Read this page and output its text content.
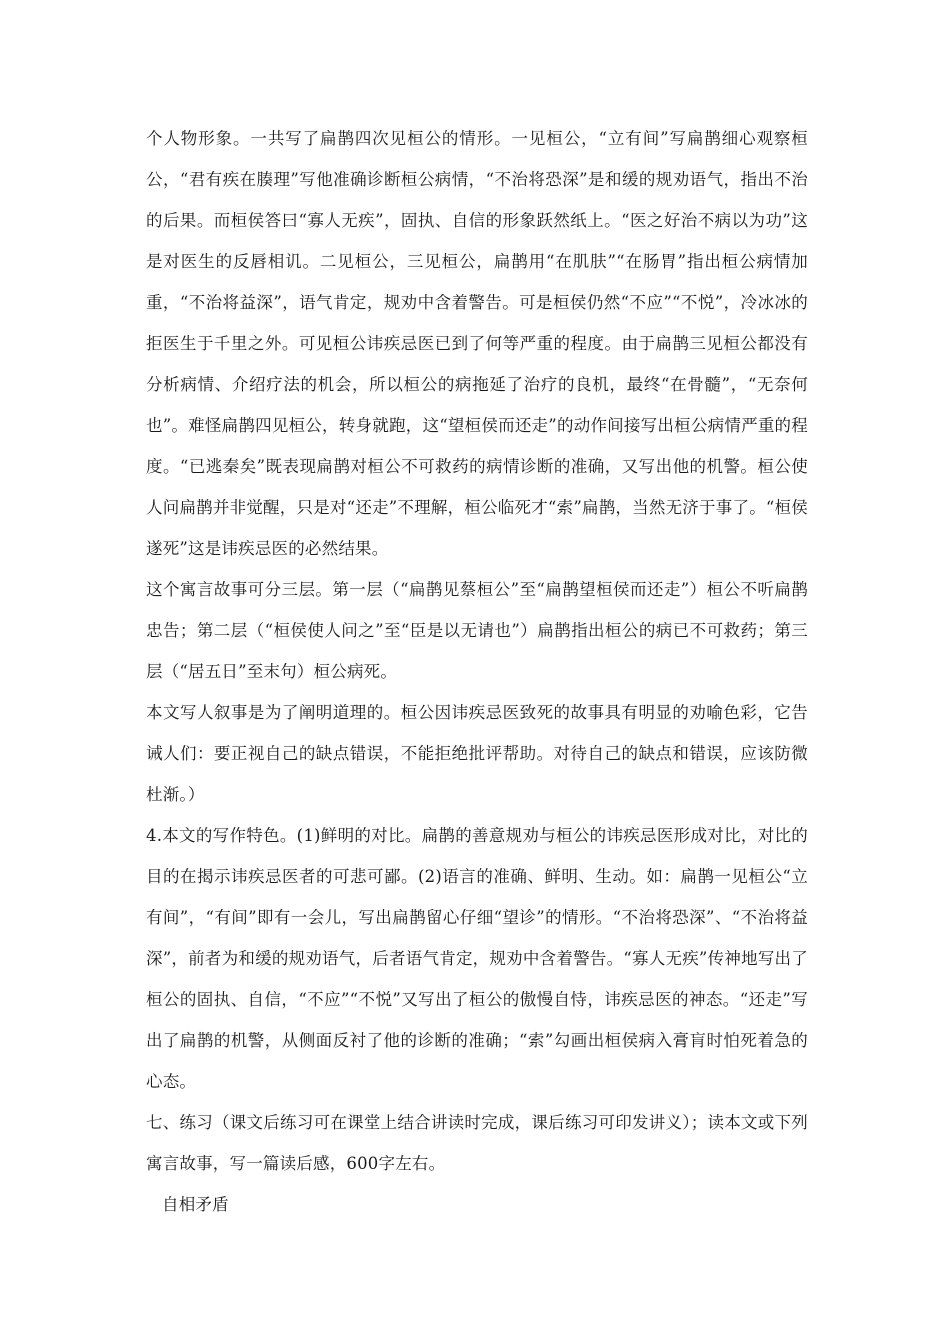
个人物形象。一共写了扁鹊四次见桓公的情形。一见桓公，“立有间”写扁鹊细心观察桓公，“君有疾在腠理”写他准确诊断桓公病情，“不治将恐深”是和缓的规劝语气，指出不治的后果。而桓侯答曰“寡人无疾”，固执、自信的形象跃然纸上。“医之好治不病以为功”这是对医生的反唇相讥。二见桓公，三见桓公，扁鹊用“在肌肤”“在肠胃”指出桓公病情加重，“不治将益深”，语气肯定，规劝中含着警告。可是桓侯仍然“不应”“不悦”，冷冰冰的拒医生于千里之外。可见桓公讳疾忌医已到了何等严重的程度。由于扁鹊三见桓公都没有分析病情、介绍疗法的机会，所以桓公的病拖延了治疗的良机，最终“在骨髓”，“无奈何也”。难怪扁鹊四见桓公，转身就跑，这“望桓侯而还走”的动作间接写出桓公病情严重的程度。“已逃秦矣”既表现扁鹊对桓公不可救药的病情诊断的准确，又写出他的机警。桓公使人问扁鹊并非觉醒，只是对“还走”不理解，桓公临死才“索”扁鹊，当然无济于事了。“桓侯遂死”这是讳疾忌医的必然结果。

这个寓言故事可分三层。第一层（“扁鹊见蔡桓公”至“扁鹊望桓侯而还走”）桓公不听扁鹊忠告；第二层（“桓侯使人问之”至“臣是以无请也”）扁鹊指出桓公的病已不可救药；第三层（“居五日”至末句）桓公病死。

本文写人叙事是为了阐明道理的。桓公因讳疾忌医致死的故事具有明显的劝喻色彩，它告诫人们：要正视自己的缺点错误，不能拒绝批评帮助。对待自己的缺点和错误，应该防微杜渐。）

4.本文的写作特色。(1)鲜明的对比。扁鹊的善意规劝与桓公的讳疾忌医形成对比，对比的目的在揭示讳疾忌医者的可悲可鄙。(2)语言的准确、鲜明、生动。如：扁鹊一见桓公“立有间”，“有间”即有一会儿，写出扁鹊留心仔细“望诊”的情形。“不治将恐深”、“不治将益深”，前者为和缓的规劝语气，后者语气肯定，规劝中含着警告。“寡人无疾”传神地写出了桓公的固执、自信，“不应”“不悦”又写出了桓公的傲慢自恃，讳疾忌医的神态。“还走”写出了扁鹊的机警，从侧面反衬了他的诊断的准确；“索”勾画出桓侯病入膏肓时怕死着急的心态。

七、练习（课文后练习可在课堂上结合讲读时完成，课后练习可印发讲义）；读本文或下列寓言故事，写一篇读后感，600字左右。

自相矛盾
